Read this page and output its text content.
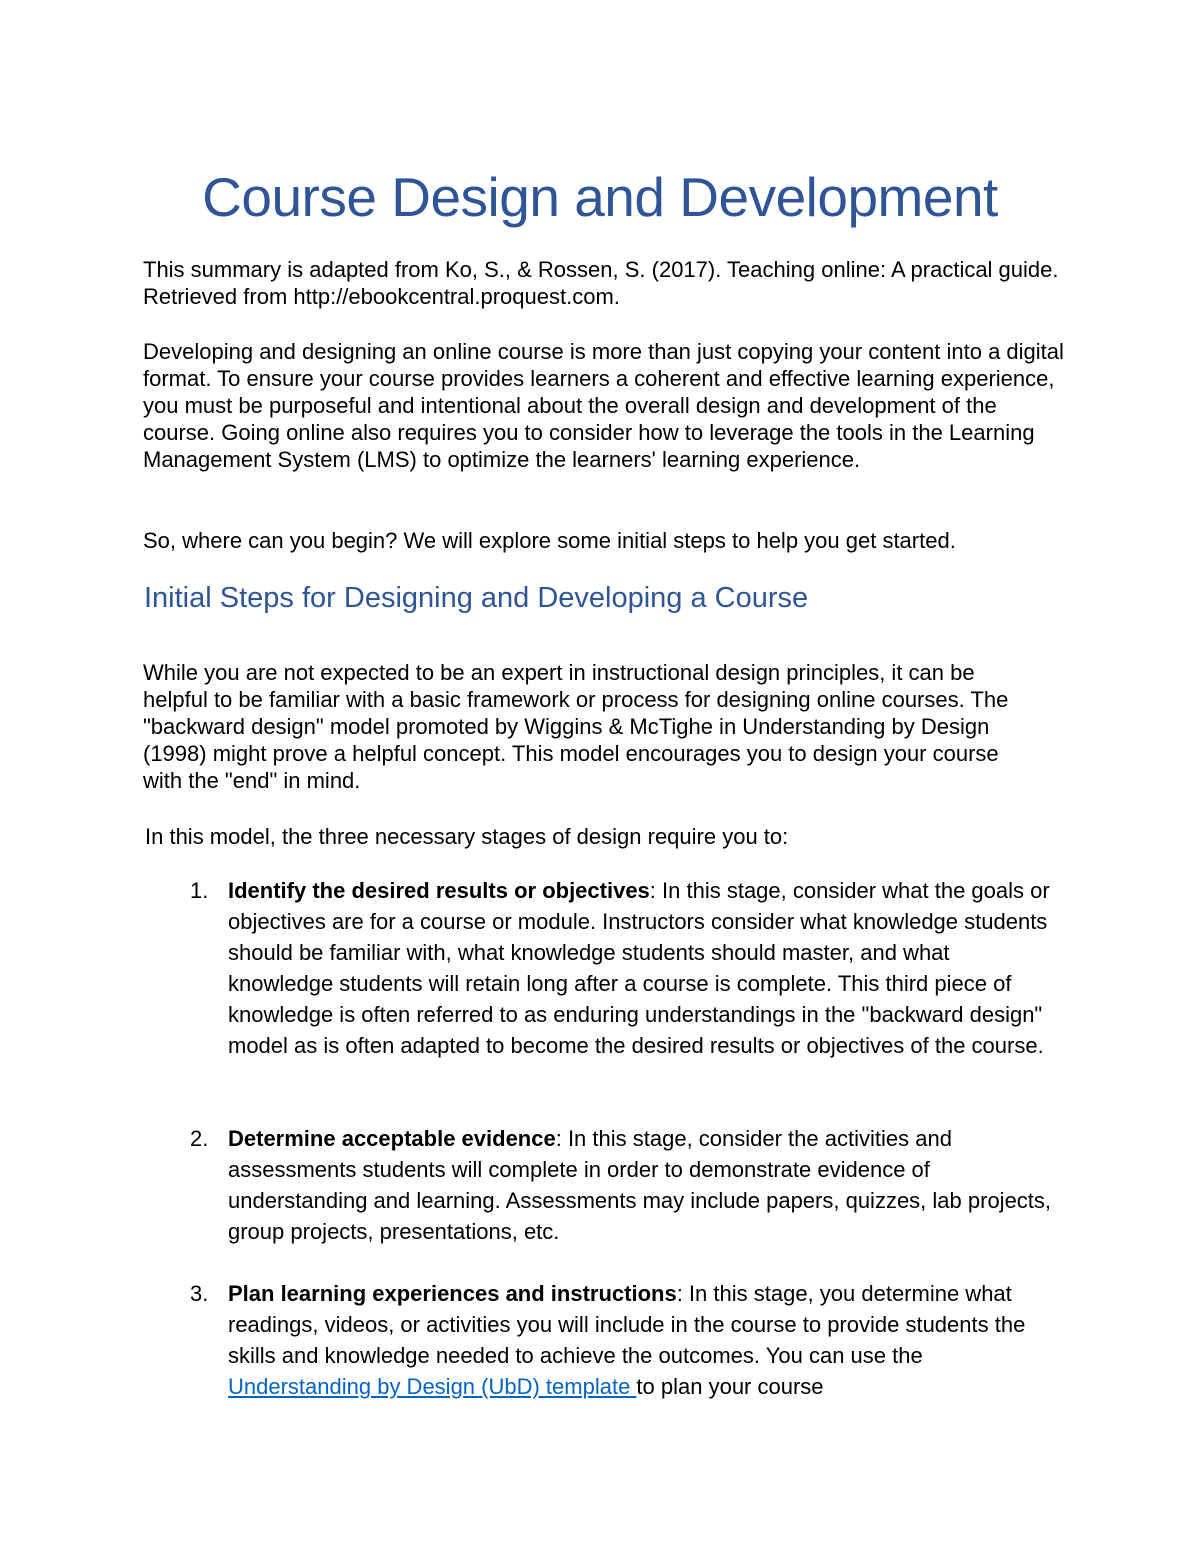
Course Design and Development

This summary is adapted from Ko, S., & Rossen, S. (2017). Teaching online: A practical guide. Retrieved from http://ebookcentral.proquest.com.

Developing and designing an online course is more than just copying your content into a digital format. To ensure your course provides learners a coherent and effective learning experience, you must be purposeful and intentional about the overall design and development of the course. Going online also requires you to consider how to leverage the tools in the Learning Management System (LMS) to optimize the learners' learning experience.

So, where can you begin? We will explore some initial steps to help you get started.

Initial Steps for Designing and Developing a Course

While you are not expected to be an expert in instructional design principles, it can be helpful to be familiar with a basic framework or process for designing online courses. The "backward design" model promoted by Wiggins & McTighe in Understanding by Design (1998) might prove a helpful concept. This model encourages you to design your course with the "end" in mind.

In this model, the three necessary stages of design require you to:

1. Identify the desired results or objectives: In this stage, consider what the goals or objectives are for a course or module. Instructors consider what knowledge students should be familiar with, what knowledge students should master, and what knowledge students will retain long after a course is complete. This third piece of knowledge is often referred to as enduring understandings in the "backward design" model as is often adapted to become the desired results or objectives of the course.
2. Determine acceptable evidence: In this stage, consider the activities and assessments students will complete in order to demonstrate evidence of understanding and learning. Assessments may include papers, quizzes, lab projects, group projects, presentations, etc.
3. Plan learning experiences and instructions: In this stage, you determine what readings, videos, or activities you will include in the course to provide students the skills and knowledge needed to achieve the outcomes. You can use the Understanding by Design (UbD) template to plan your course
